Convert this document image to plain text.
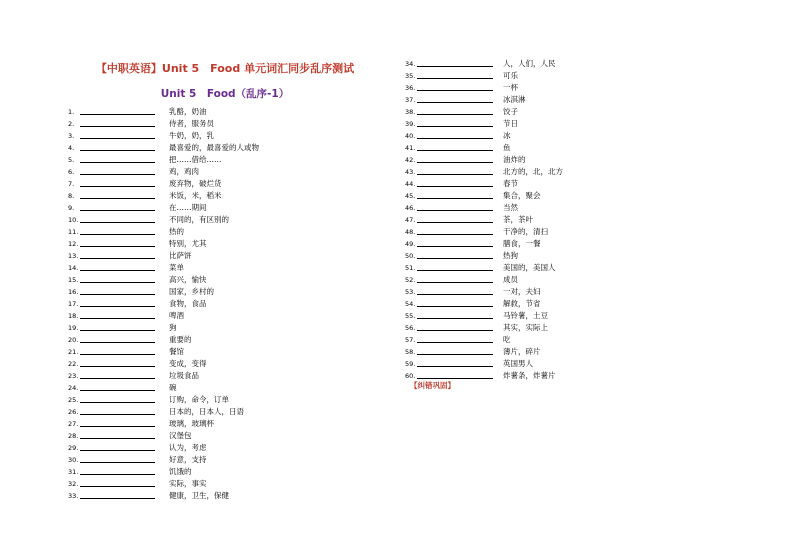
【中职英语】Unit 5　Food 单元词汇同步乱序测试
Unit 5　Food（乱序-1）
1.	乳酪，奶油
2.	侍者，服务员
3.	牛奶，奶，乳
4.	最喜爱的，最喜爱的人或物
5.	把……借给……
6.	鸡，鸡肉
7.	废弃物，破烂货
8.	米饭，米，稻米
9.	在……期间
10.	不同的，有区别的
11.	热的
12.	特别，尤其
13.	比萨饼
14.	菜单
15.	高兴，愉快
16.	国家，乡村的
17.	食物，食品
18.	啤酒
19.	狗
20.	重要的
21.	餐馆
22.	变成，变得
23.	垃圾食品
24.	碗
25.	订购，命令，订单
26.	日本的，日本人，日语
27.	玻璃，玻璃杯
28.	汉堡包
29.	认为，考虑
30.	好意，支持
31.	饥饿的
32.	实际，事实
33.	健康，卫生，保健
34.	人，人们，人民
35.	可乐
36.	一杯
37.	冰淇淋
38.	饺子
39.	节日
40.	冰
41.	鱼
42.	油炸的
43.	北方的，北，北方
44.	春节
45.	集合，聚会
46.	当然
47.	茶，茶叶
48.	干净的，清扫
49.	膳食，一餐
50.	热狗
51.	美国的，美国人
52.	成员
53.	一对，夫妇
54.	解救，节省
55.	马铃薯，土豆
56.	其实，实际上
57.	吃
58.	薄片，碎片
59.	英国男人
60.	炸薯条，炸薯片
【纠错巩固】
